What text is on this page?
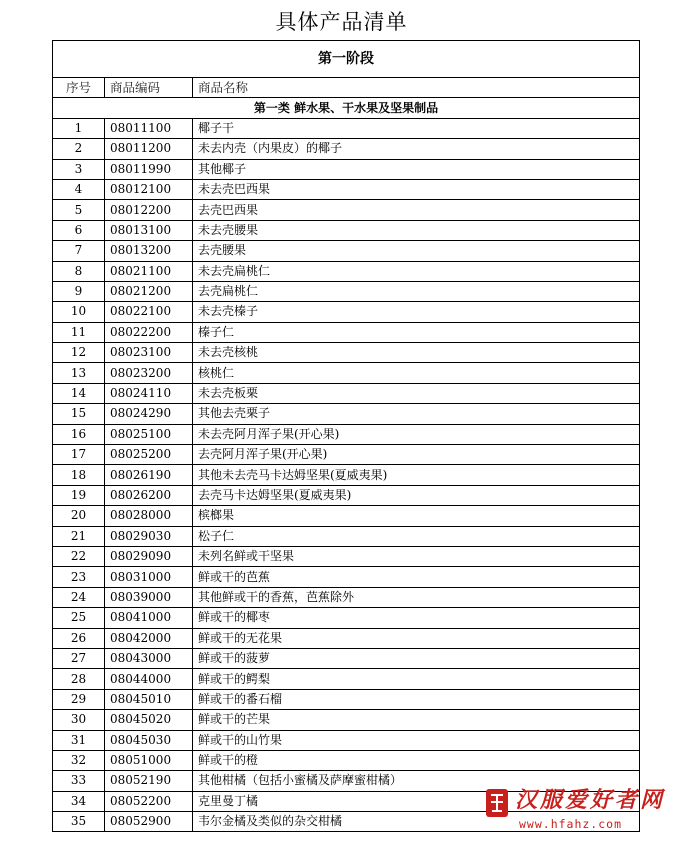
具体产品清单
第一阶段		
序号	商品编码	商品名称
第一类 鲜水果、干水果及坚果制品		
1	08011100	椰子干
2	08011200	未去内壳（内果皮）的椰子
3	08011990	其他椰子
4	08012100	未去壳巴西果
5	08012200	去壳巴西果
6	08013100	未去壳腰果
7	08013200	去壳腰果
8	08021100	未去壳扁桃仁
9	08021200	去壳扁桃仁
10	08022100	未去壳榛子
11	08022200	榛子仁
12	08023100	未去壳核桃
13	08023200	核桃仁
14	08024110	未去壳板栗
15	08024290	其他去壳栗子
16	08025100	未去壳阿月浑子果(开心果)
17	08025200	去壳阿月浑子果(开心果)
18	08026190	其他未去壳马卡达姆坚果(夏威夷果)
19	08026200	去壳马卡达姆坚果(夏威夷果)
20	08028000	槟榔果
21	08029030	松子仁
22	08029090	未列名鲜或干坚果
23	08031000	鲜或干的芭蕉
24	08039000	其他鲜或干的香蕉，芭蕉除外
25	08041000	鲜或干的椰枣
26	08042000	鲜或干的无花果
27	08043000	鲜或干的菠萝
28	08044000	鲜或干的鳄梨
29	08045010	鲜或干的番石榴
30	08045020	鲜或干的芒果
31	08045030	鲜或干的山竹果
32	08051000	鲜或干的橙
33	08052190	其他柑橘（包括小蜜橘及萨摩蜜柑橘）
34	08052200	克里曼丁橘
35	08052900	韦尔金橘及类似的杂交柑橘
汉服爱好者网
www.hfahz.com
